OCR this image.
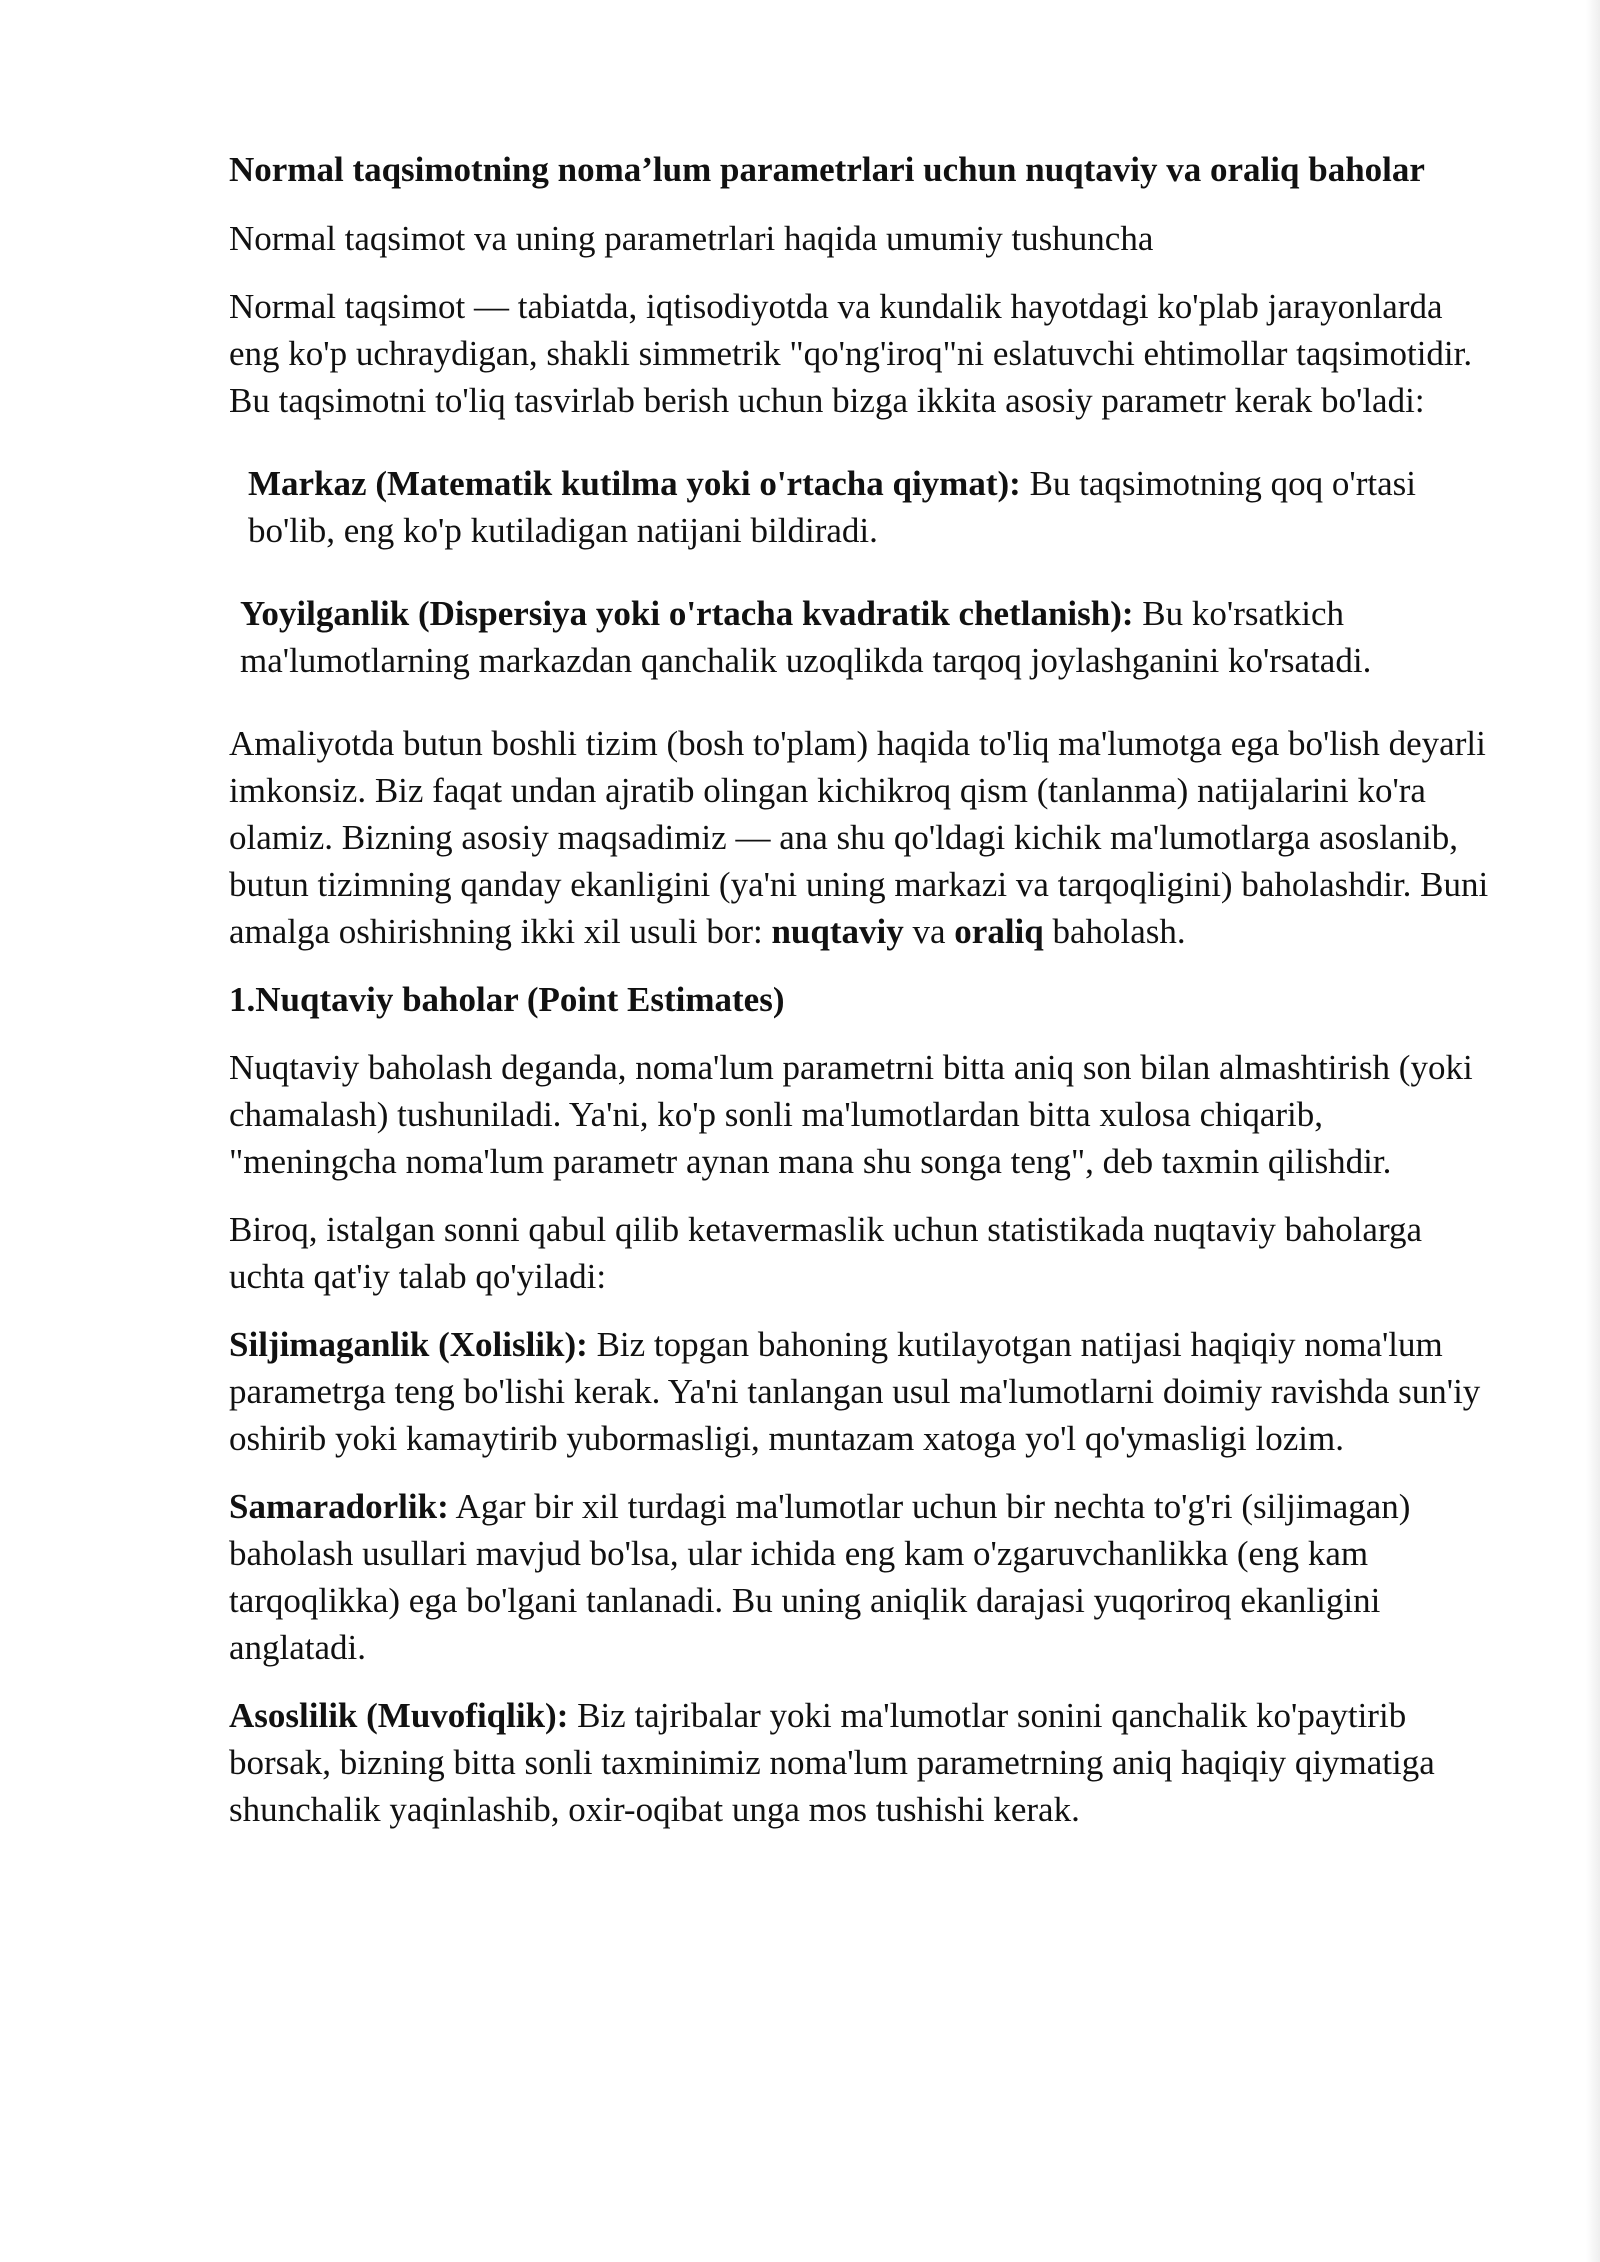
Normal taqsimotning noma’lum parametrlari uchun nuqtaviy va oraliq baholar

Normal taqsimot va uning parametrlari haqida umumiy tushuncha

Normal taqsimot — tabiatda, iqtisodiyotda va kundalik hayotdagi ko'plab jarayonlarda eng ko'p uchraydigan, shakli simmetrik "qo'ng'iroq"ni eslatuvchi ehtimollar taqsimotidir. Bu taqsimotni to'liq tasvirlab berish uchun bizga ikkita asosiy parametr kerak bo'ladi:

Markaz (Matematik kutilma yoki o'rtacha qiymat): Bu taqsimotning qoq o'rtasi bo'lib, eng ko'p kutiladigan natijani bildiradi.

Yoyilganlik (Dispersiya yoki o'rtacha kvadratik chetlanish): Bu ko'rsatkich ma'lumotlarning markazdan qanchalik uzoqlikda tarqoq joylashganini ko'rsatadi.

Amaliyotda butun boshli tizim (bosh to'plam) haqida to'liq ma'lumotga ega bo'lish deyarli imkonsiz. Biz faqat undan ajratib olingan kichikroq qism (tanlanma) natijalarini ko'ra olamiz. Bizning asosiy maqsadimiz — ana shu qo'ldagi kichik ma'lumotlarga asoslanib, butun tizimning qanday ekanligini (ya'ni uning markazi va tarqoqligini) baholashdir. Buni amalga oshirishning ikki xil usuli bor: nuqtaviy va oraliq baholash.

1.Nuqtaviy baholar (Point Estimates)

Nuqtaviy baholash deganda, noma'lum parametrni bitta aniq son bilan almashtirish (yoki chamalash) tushuniladi. Ya'ni, ko'p sonli ma'lumotlardan bitta xulosa chiqarib, "meningcha noma'lum parametr aynan mana shu songa teng", deb taxmin qilishdir.

Biroq, istalgan sonni qabul qilib ketavermaslik uchun statistikada nuqtaviy baholarga uchta qat'iy talab qo'yiladi:

Siljimaganlik (Xolislik): Biz topgan bahoning kutilayotgan natijasi haqiqiy noma'lum parametrga teng bo'lishi kerak. Ya'ni tanlangan usul ma'lumotlarni doimiy ravishda sun'iy oshirib yoki kamaytirib yubormasligi, muntazam xatoga yo'l qo'ymasligi lozim.

Samaradorlik: Agar bir xil turdagi ma'lumotlar uchun bir nechta to'g'ri (siljimagan) baholash usullari mavjud bo'lsa, ular ichida eng kam o'zgaruvchanlikka (eng kam tarqoqlikka) ega bo'lgani tanlanadi. Bu uning aniqlik darajasi yuqoriroq ekanligini anglatadi.

Asoslilik (Muvofiqlik): Biz tajribalar yoki ma'lumotlar sonini qanchalik ko'paytirib borsak, bizning bitta sonli taxminimiz noma'lum parametrning aniq haqiqiy qiymatiga shunchalik yaqinlashib, oxir-oqibat unga mos tushishi kerak.
